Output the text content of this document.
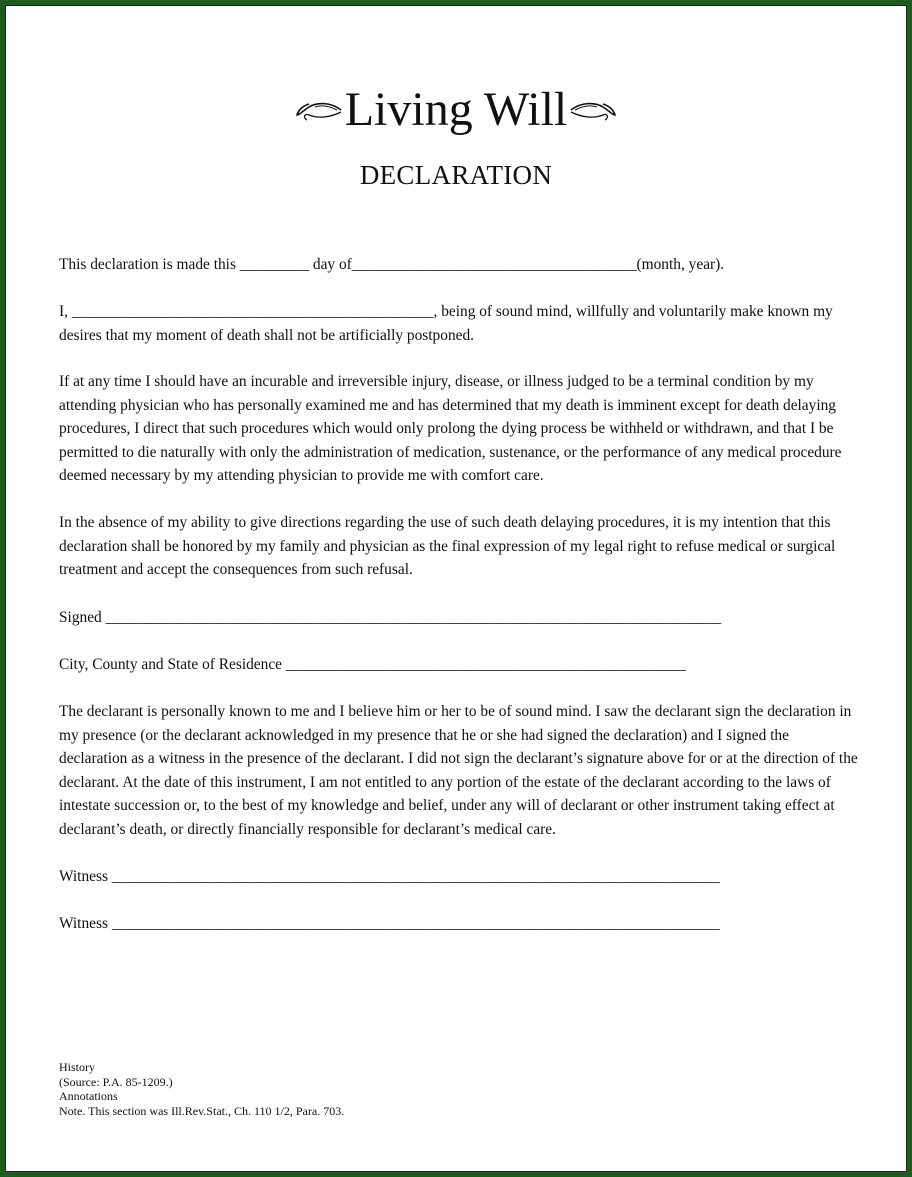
Living Will
DECLARATION

This declaration is made this _________ day of_____________________________________(month, year).

I, _______________________________________________, being of sound mind, willfully and voluntarily make known my desires that my moment of death shall not be artificially postponed.

If at any time I should have an incurable and irreversible injury, disease, or illness judged to be a terminal condition by my attending physician who has personally examined me and has determined that my death is imminent except for death delaying procedures, I direct that such procedures which would only prolong the dying process be withheld or withdrawn, and that I be permitted to die naturally with only the administration of medication, sustenance, or the performance of any medical procedure deemed necessary by my attending physician to provide me with comfort care.

In the absence of my ability to give directions regarding the use of such death delaying procedures, it is my intention that this declaration shall be honored by my family and physician as the final expression of my legal right to refuse medical or surgical treatment and accept the consequences from such refusal.

Signed ________________________________________________________________________________

City, County and State of Residence ____________________________________________________

The declarant is personally known to me and I believe him or her to be of sound mind. I saw the declarant sign the declaration in my presence (or the declarant acknowledged in my presence that he or she had signed the declaration) and I signed the declaration as a witness in the presence of the declarant. I did not sign the declarant’s signature above for or at the direction of the declarant. At the date of this instrument, I am not entitled to any portion of the estate of the declarant according to the laws of intestate succession or, to the best of my knowledge and belief, under any will of declarant or other instrument taking effect at declarant’s death, or directly financially responsible for declarant’s medical care.

Witness _______________________________________________________________________________

Witness _______________________________________________________________________________

History
(Source: P.A. 85-1209.)
Annotations
Note. This section was Ill.Rev.Stat., Ch. 110 1/2, Para. 703.
